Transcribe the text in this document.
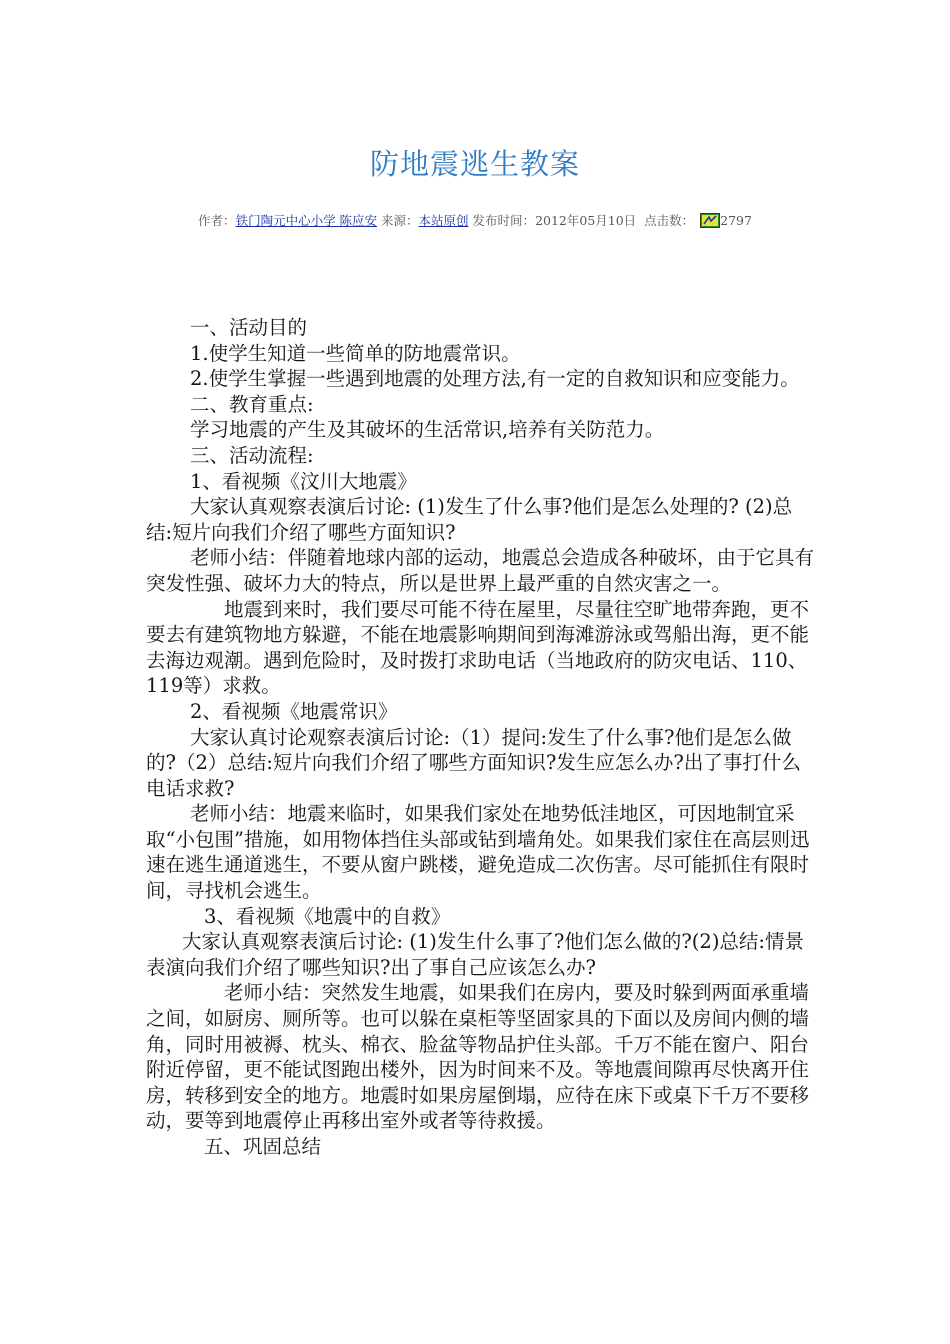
防地震逃生教案
作者：铁门陶元中心小学 陈应安 来源：本站原创 发布时间：2012年05月10日 点击数： 2797

一、活动目的

1.使学生知道一些简单的防地震常识。

2.使学生掌握一些遇到地震的处理方法,有一定的自救知识和应变能力。

二、教育重点:

学习地震的产生及其破坏的生活常识,培养有关防范力。

三、活动流程:

1、看视频《汶川大地震》

大家认真观察表演后讨论: (1)发生了什么事?他们是怎么处理的? (2)总结:短片向我们介绍了哪些方面知识?

老师小结：伴随着地球内部的运动，地震总会造成各种破坏，由于它具有突发性强、破坏力大的特点，所以是世界上最严重的自然灾害之一。

地震到来时，我们要尽可能不待在屋里，尽量往空旷地带奔跑，更不要去有建筑物地方躲避，不能在地震影响期间到海滩游泳或驾船出海，更不能去海边观潮。遇到危险时，及时拨打求助电话（当地政府的防灾电话、110、119等）求救。

2、看视频《地震常识》

大家认真讨论观察表演后讨论:（1）提问:发生了什么事?他们是怎么做的?（2）总结:短片向我们介绍了哪些方面知识?发生应怎么办?出了事打什么电话求救?

老师小结：地震来临时，如果我们家处在地势低洼地区，可因地制宜采取“小包围”措施，如用物体挡住头部或钻到墙角处。如果我们家住在高层则迅速在逃生通道逃生，不要从窗户跳楼，避免造成二次伤害。尽可能抓住有限时间，寻找机会逃生。

3、看视频《地震中的自救》

大家认真观察表演后讨论: (1)发生什么事了?他们怎么做的?(2)总结:情景表演向我们介绍了哪些知识?出了事自己应该怎么办?

老师小结：突然发生地震，如果我们在房内，要及时躲到两面承重墙之间，如厨房、厕所等。也可以躲在桌柜等坚固家具的下面以及房间内侧的墙角，同时用被褥、枕头、棉衣、脸盆等物品护住头部。千万不能在窗户、阳台附近停留，更不能试图跑出楼外，因为时间来不及。等地震间隙再尽快离开住房，转移到安全的地方。地震时如果房屋倒塌，应待在床下或桌下千万不要移动，要等到地震停止再移出室外或者等待救援。

五、巩固总结
